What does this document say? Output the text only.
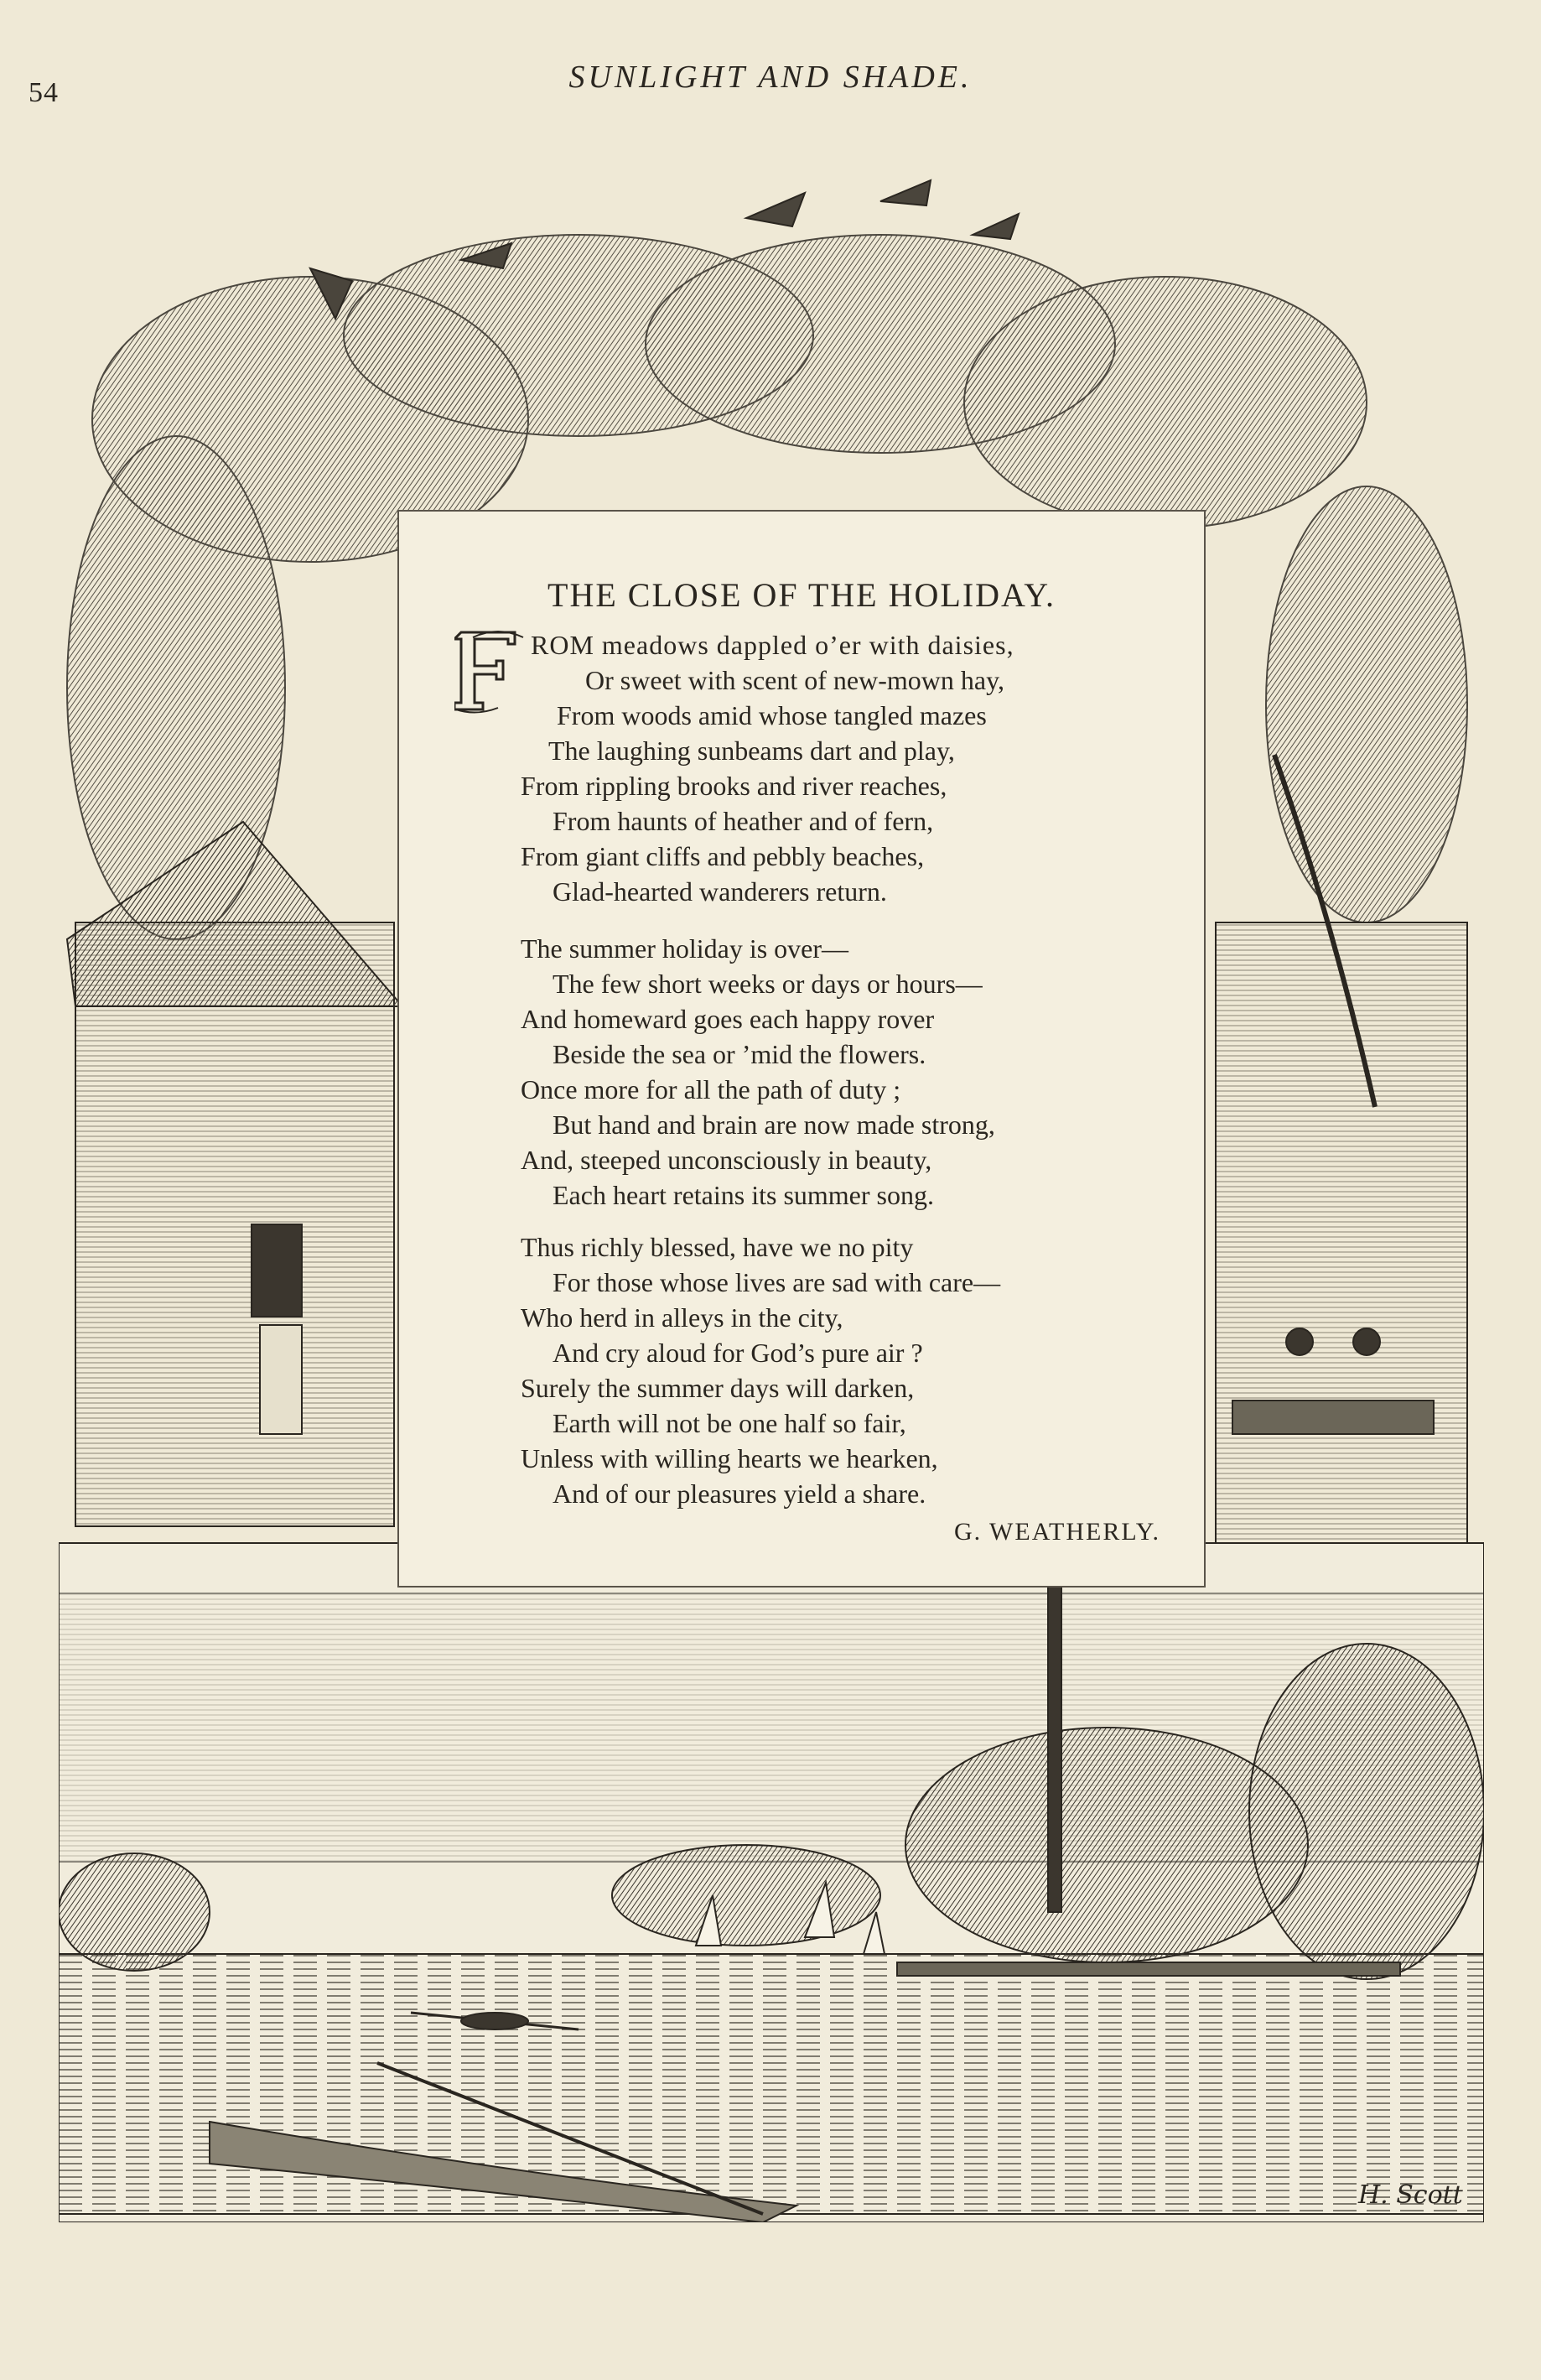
54	SUNLIGHT AND SHADE.
THE CLOSE OF THE HOLIDAY.
ROM meadows dappled o’er with daisies,
Or sweet with scent of new-mown hay,
From woods amid whose tangled mazes
The laughing sunbeams dart and play,
From rippling brooks and river reaches,
From haunts of heather and of fern,
From giant cliffs and pebbly beaches,
Glad-hearted wanderers return.
The summer holiday is over—
The few short weeks or days or hours—
And homeward goes each happy rover
Beside the sea or ’mid the flowers.
Once more for all the path of duty ;
But hand and brain are now made strong,
And, steeped unconsciously in beauty,
Each heart retains its summer song.
Thus richly blessed, have we no pity
For those whose lives are sad with care—
Who herd in alleys in the city,
And cry aloud for God’s pure air ?
Surely the summer days will darken,
Earth will not be one half so fair,
Unless with willing hearts we hearken,
And of our pleasures yield a share.
G. WEATHERLY.
H. Scott
